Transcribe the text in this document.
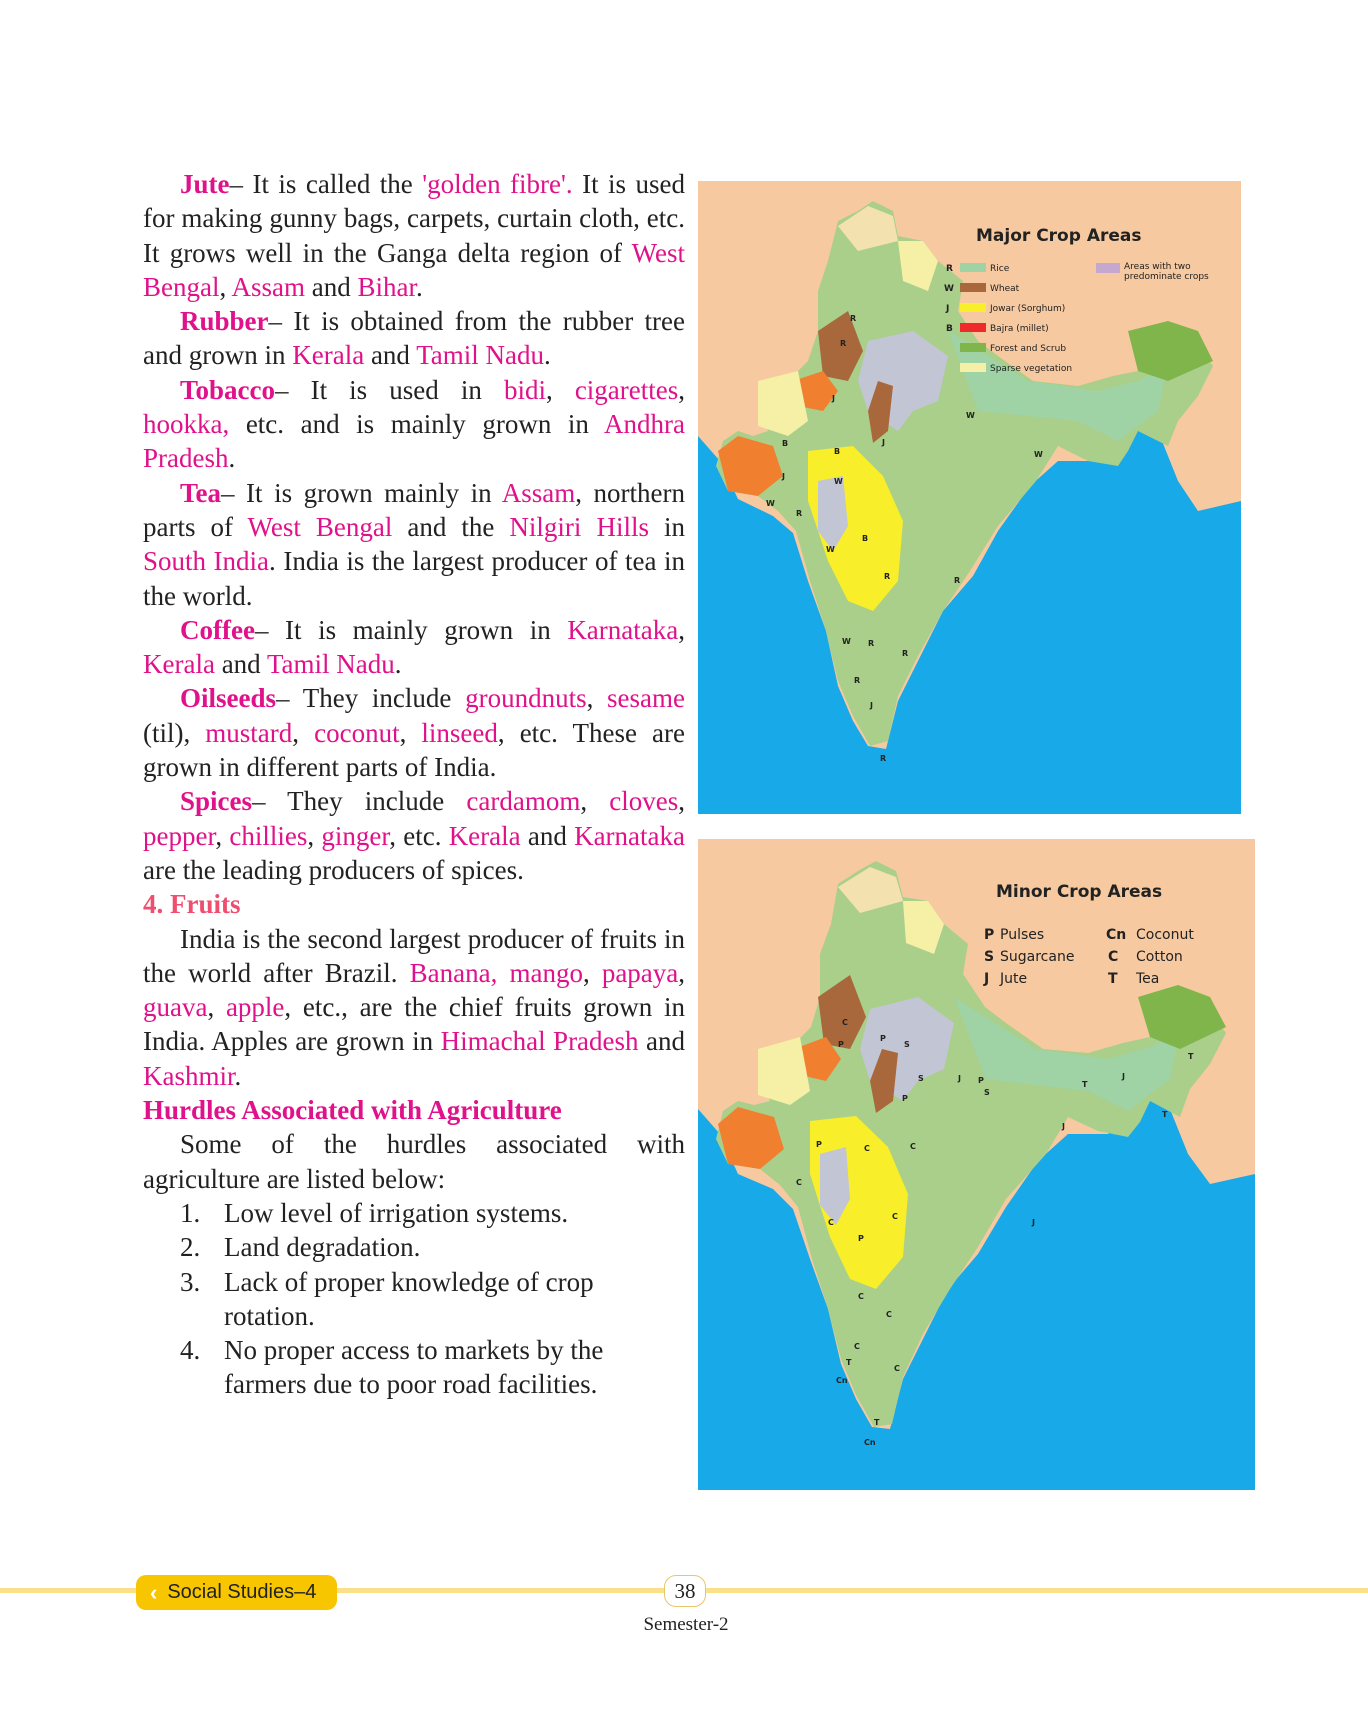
Jute– It is called the 'golden fibre'. It is used for making gunny bags, carpets, curtain cloth, etc. It grows well in the Ganga delta region of West Bengal, Assam and Bihar.

Rubber– It is obtained from the rubber tree and grown in Kerala and Tamil Nadu.

Tobacco– It is used in bidi, cigarettes, hookka, etc. and is mainly grown in Andhra Pradesh.

Tea– It is grown mainly in Assam, northern parts of West Bengal and the Nilgiri Hills in South India. India is the largest producer of tea in the world.

Coffee– It is mainly grown in Karnataka, Kerala and Tamil Nadu.

Oilseeds– They include groundnuts, sesame (til), mustard, coconut, linseed, etc. These are grown in different parts of India.

Spices– They include cardamom, cloves, pepper, chillies, ginger, etc. Kerala and Karnataka are the leading producers of spices.

4. Fruits

India is the second largest producer of fruits in the world after Brazil. Banana, mango, papaya, guava, apple, etc., are the chief fruits grown in India. Apples are grown in Himachal Pradesh and Kashmir.

Hurdles Associated with Agriculture

Some of the hurdles associated with agriculture are listed below:

1. Low level of irrigation systems.
2. Land degradation.
3. Lack of proper knowledge of crop rotation.
4. No proper access to markets by the farmers due to poor road facilities.
Major Crop Areas
R	Rice
W	Wheat
J	Jowar (Sorghum)
B	Bajra (millet)
Forest and Scrub
Sparse vegetation
Areas with two
predominate crops
R
R
J
W
W
B
B
W
J
J
W
R
W
B
R	R
W R
R
R
J
R
Minor Crop Areas
P Pulses
S Sugarcane
J Jute
Cn Coconut
C Cotton
T Tea
C
P
P
S
S	J P
S
T
T
T
J
P
C
J
P	C
C
C	J
C
P
C
C
C
T
C
Cn
T
Cn
‹ Social Studies–4	38
Semester-2
